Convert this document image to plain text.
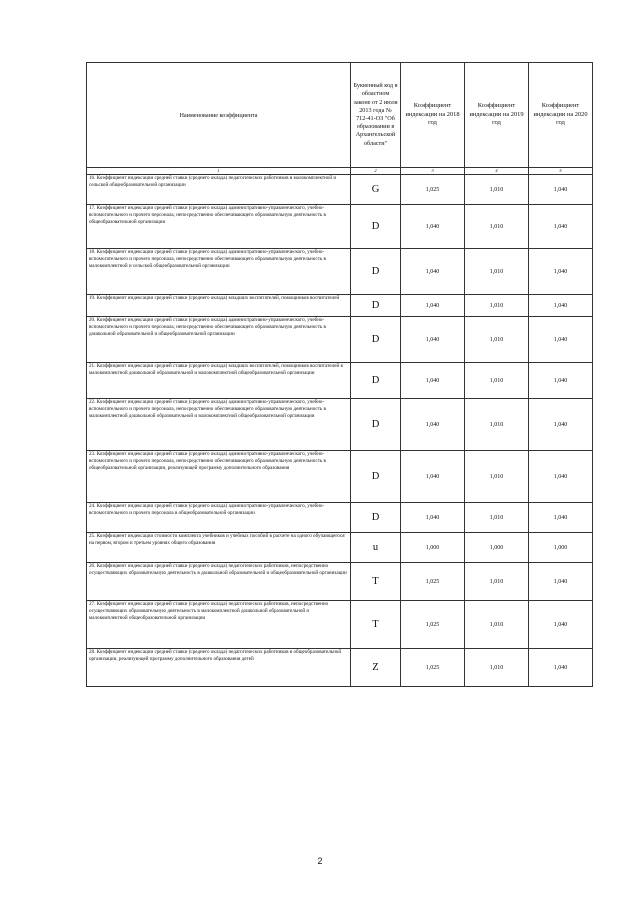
Наименование коэффициента	Буквенный код в областном законе от 2 июля 2013 года № 712-41-ОЗ "Об образовании в Архангельской области"	Коэффициент индексации на 2018 год	Коэффициент индексации на 2019 год	Коэффициент индексации на 2020 год
1	2	3	4	5
16. Коэффициент индексации средней ставки (среднего оклада) педагогических работников в малокомплектной и сельской общеобразовательной организации	G	1,025	1,010	1,040
17. Коэффициент индексации средней ставки (среднего оклада) административно-управленческого, учебно-вспомогательного и прочего персонала, непосредственно обеспечивающего образовательную деятельность в общеобразовательной организации	D	1,040	1,010	1,040
18. Коэффициент индексации средней ставки (среднего оклада) административно-управленческого, учебно-вспомогательного и прочего персонала, непосредственно обеспечивающего образовательную деятельность в малокомплектной и сельской общеобразовательной организации	D	1,040	1,010	1,040
19. Коэффициент индексации средней ставки (среднего оклада) младших воспитателей, помощников воспитателей	D	1,040	1,010	1,040
20. Коэффициент индексации средней ставки (среднего оклада) административно-управленческого, учебно-вспомогательного и прочего персонала, непосредственно обеспечивающего образовательную деятельность в дошкольной образовательной и общеобразовательной организации	D	1,040	1,010	1,040
21. Коэффициент индексации средней ставки (среднего оклада) младших воспитателей, помощников воспитателей в малокомплектной дошкольной образовательной и малокомплектной общеобразовательной организации	D	1,040	1,010	1,040
22. Коэффициент индексации средней ставки (среднего оклада) административно-управленческого, учебно-вспомогательного и прочего персонала, непосредственно обеспечивающего образовательную деятельность в малокомплектной дошкольной образовательной и малокомплектной общеобразовательной организации	D	1,040	1,010	1,040
23. Коэффициент индексации средней ставки (среднего оклада) административно-управленческого, учебно-вспомогательного и прочего персонала, непосредственно обеспечивающего образовательную деятельность в общеобразовательной организации, реализующей программу дополнительного образования	D	1,040	1,010	1,040
24. Коэффициент индексации средней ставки (среднего оклада) административно-управленческого, учебно-вспомогательного и прочего персонала в общеобразовательной организации	D	1,040	1,010	1,040
25. Коэффициент индексации стоимости комплекта учебников и учебных пособий в расчете на одного обучающегося на первом, втором и третьем уровнях общего образования	u	1,000	1,000	1,000
26. Коэффициент индексации средней ставки (среднего оклада) педагогических работников, непосредственно осуществляющих образовательную деятельность в дошкольной образовательной и общеобразовательной организации	T	1,025	1,010	1,040
27. Коэффициент индексации средней ставки (среднего оклада) педагогических работников, непосредственно осуществляющих образовательную деятельность в малокомплектной дошкольной образовательной и малокомплектной общеобразовательной организации	T	1,025	1,010	1,040
28. Коэффициент индексации средней ставки (среднего оклада) педагогических работников в общеобразовательной организации, реализующей программу дополнительного образования детей	Z	1,025	1,010	1,040
2
